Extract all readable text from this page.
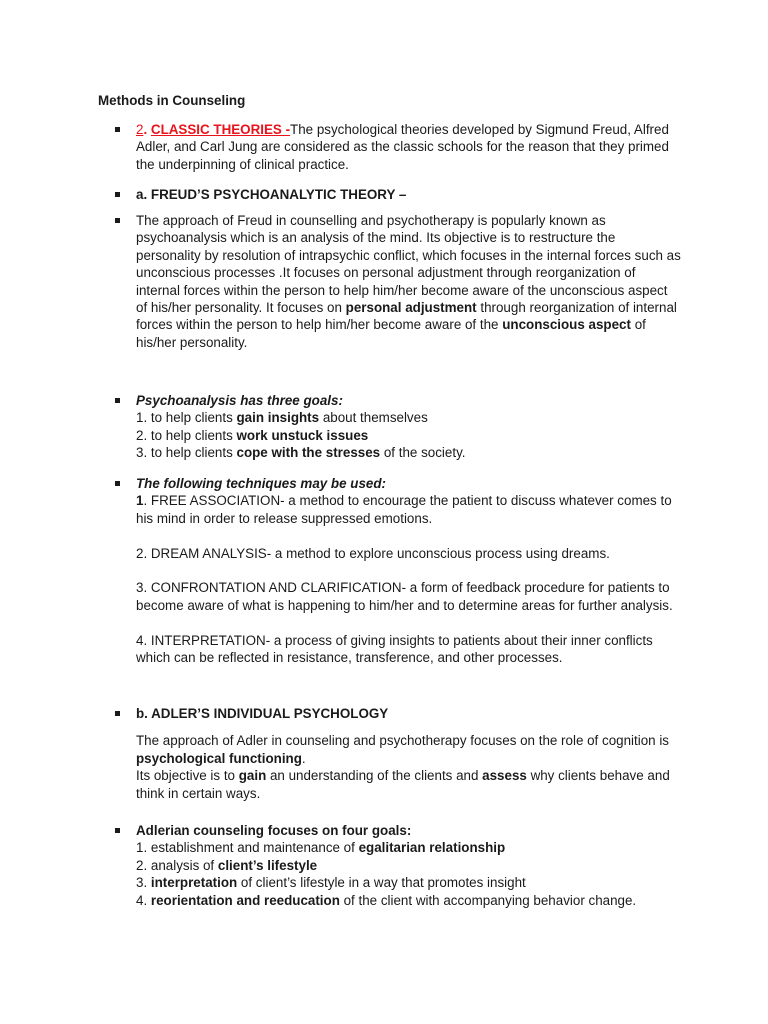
Methods in Counseling
2. CLASSIC THEORIES -The psychological theories developed by Sigmund Freud, Alfred Adler, and Carl Jung are considered as the classic schools for the reason that they primed the underpinning of clinical practice.
a. FREUD’S PSYCHOANALYTIC THEORY –
The approach of Freud in counselling and psychotherapy is popularly known as psychoanalysis which is an analysis of the mind. Its objective is to restructure the personality by resolution of intrapsychic conflict, which focuses in the internal forces such as unconscious processes .It focuses on personal adjustment through reorganization of internal forces within the person to help him/her become aware of the unconscious aspect of his/her personality. It focuses on personal adjustment through reorganization of internal forces within the person to help him/her become aware of the unconscious aspect of his/her personality.
Psychoanalysis has three goals:
1. to help clients gain insights about themselves
2. to help clients work unstuck issues
3. to help clients cope with the stresses of the society.
The following techniques may be used:
1. FREE ASSOCIATION- a method to encourage the patient to discuss whatever comes to his mind in order to release suppressed emotions.
2. DREAM ANALYSIS- a method to explore unconscious process using dreams.
3. CONFRONTATION AND CLARIFICATION- a form of feedback procedure for patients to become aware of what is happening to him/her and to determine areas for further analysis.
4. INTERPRETATION- a process of giving insights to patients about their inner conflicts which can be reflected in resistance, transference, and other processes.
b. ADLER’S INDIVIDUAL PSYCHOLOGY
The approach of Adler in counseling and psychotherapy focuses on the role of cognition is psychological functioning.
Its objective is to gain an understanding of the clients and assess why clients behave and think in certain ways.
Adlerian counseling focuses on four goals:
1. establishment and maintenance of egalitarian relationship
2. analysis of client’s lifestyle
3. interpretation of client’s lifestyle in a way that promotes insight
4. reorientation and reeducation of the client with accompanying behavior change.
